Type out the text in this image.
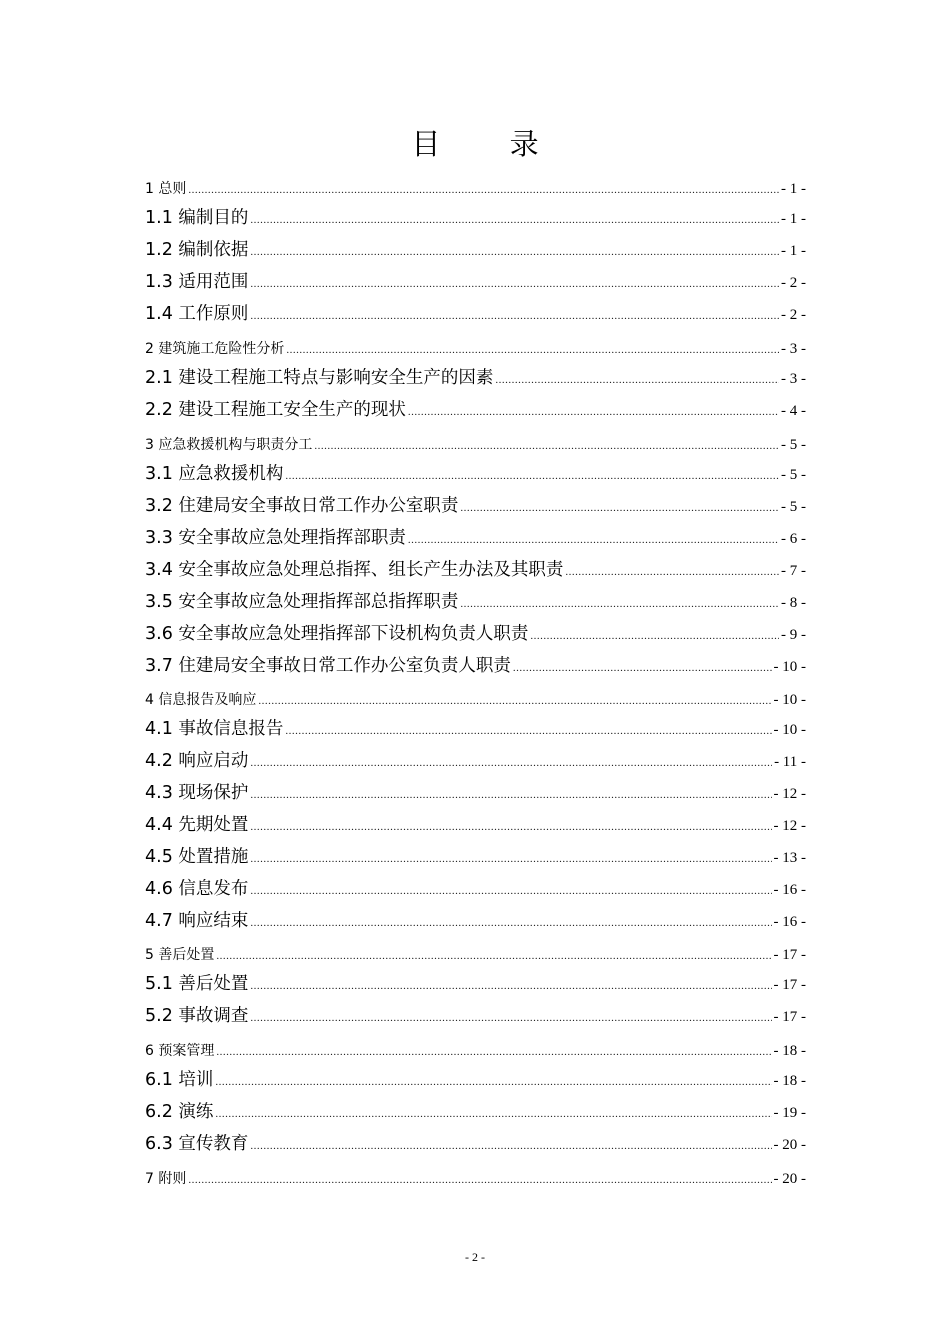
目 录
1 总则 .....	- 1 -
1.1 编制目的 .....	- 1 -
1.2 编制依据 .....	- 1 -
1.3 适用范围 .....	- 2 -
1.4 工作原则 .....	- 2 -
2 建筑施工危险性分析 .....	- 3 -
2.1 建设工程施工特点与影响安全生产的因素 .....	- 3 -
2.2 建设工程施工安全生产的现状 .....	- 4 -
3 应急救援机构与职责分工 .....	- 5 -
3.1 应急救援机构 .....	- 5 -
3.2 住建局安全事故日常工作办公室职责 .....	- 5 -
3.3 安全事故应急处理指挥部职责 .....	- 6 -
3.4 安全事故应急处理总指挥、组长产生办法及其职责 .....	- 7 -
3.5 安全事故应急处理指挥部总指挥职责 .....	- 8 -
3.6 安全事故应急处理指挥部下设机构负责人职责 .....	- 9 -
3.7 住建局安全事故日常工作办公室负责人职责 .....	- 10 -
4 信息报告及响应 .....	- 10 -
4.1 事故信息报告 .....	- 10 -
4.2 响应启动 .....	- 11 -
4.3 现场保护 .....	- 12 -
4.4 先期处置 .....	- 12 -
4.5 处置措施 .....	- 13 -
4.6 信息发布 .....	- 16 -
4.7 响应结束 .....	- 16 -
5 善后处置 .....	- 17 -
5.1 善后处置 .....	- 17 -
5.2 事故调查 .....	- 17 -
6 预案管理 .....	- 18 -
6.1 培训 .....	- 18 -
6.2 演练 .....	- 19 -
6.3 宣传教育 .....	- 20 -
7 附则 .....	- 20 -
- 2 -
